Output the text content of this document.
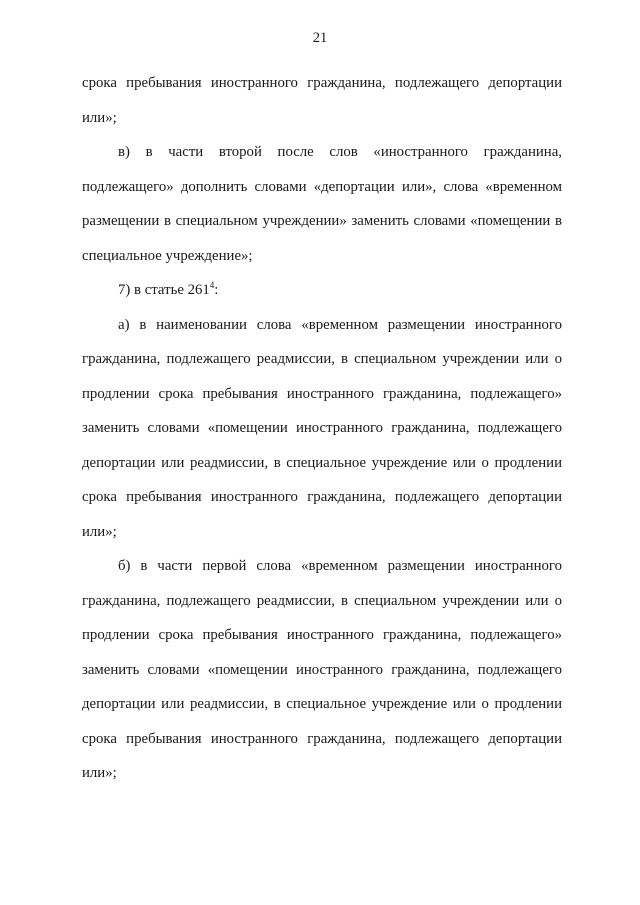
21

срока пребывания иностранного гражданина, подлежащего депортации или»;

в) в части второй после слов «иностранного гражданина, подлежащего» дополнить словами «депортации или», слова «временном размещении в специальном учреждении» заменить словами «помещении в специальное учреждение»;

7) в статье $261^4$:

а) в наименовании слова «временном размещении иностранного гражданина, подлежащего реадмиссии, в специальном учреждении или о продлении срока пребывания иностранного гражданина, подлежащего» заменить словами «помещении иностранного гражданина, подлежащего депортации или реадмиссии, в специальное учреждение или о продлении срока пребывания иностранного гражданина, подлежащего депортации или»;

б) в части первой слова «временном размещении иностранного гражданина, подлежащего реадмиссии, в специальном учреждении или о продлении срока пребывания иностранного гражданина, подлежащего» заменить словами «помещении иностранного гражданина, подлежащего депортации или реадмиссии, в специальное учреждение или о продлении срока пребывания иностранного гражданина, подлежащего депортации или»;
